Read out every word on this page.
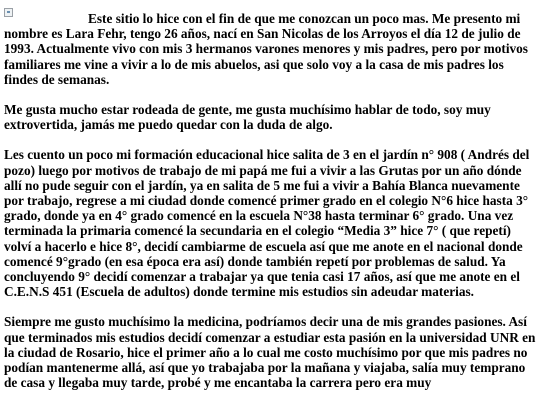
Este sitio lo hice con el fin de que me conozcan un poco mas. Me presento mi nombre es Lara Fehr, tengo 26 años, nací en San Nicolas de los Arroyos el día 12 de julio de 1993. Actualmente vivo con mis 3 hermanos varones menores y mis padres, pero por motivos familiares me vine a vivir a lo de mis abuelos, asi que solo voy a la casa de mis padres los findes de semanas.

Me gusta mucho estar rodeada de gente, me gusta muchísimo hablar de todo, soy muy extrovertida, jamás me puedo quedar con la duda de algo.

Les cuento un poco mi formación educacional hice salita de 3 en el jardín n° 908 ( Andrés del pozo) luego por motivos de trabajo de mi papá me fui a vivir a las Grutas por un año dónde allí no pude seguir con el jardín, ya en salita de 5 me fui a vivir a Bahía Blanca nuevamente por trabajo, regrese a mi ciudad donde comencé primer grado en el colegio N°6 hice hasta 3° grado, donde ya en 4° grado comencé en la escuela N°38 hasta terminar 6° grado. Una vez terminada la primaria comencé la secundaria en el colegio “Media 3” hice 7° ( que repetí) volví a hacerlo e hice 8°, decidí cambiarme de escuela así que me anote en el nacional donde comencé 9°grado (en esa época era así) donde también repetí por problemas de salud. Ya concluyendo 9° decidí comenzar a trabajar ya que tenia casi 17 años, así que me anote en el C.E.N.S 451 (Escuela de adultos) donde termine mis estudios sin adeudar materias.

Siempre me gusto muchísimo la medicina, podríamos decir una de mis grandes pasiones. Así que terminados mis estudios decidí comenzar a estudiar esta pasión en la universidad UNR en la ciudad de Rosario, hice el primer año a lo cual me costo muchísimo por que mis padres no podían mantenerme allá, así que yo trabajaba por la mañana y viajaba, salía muy temprano de casa y llegaba muy tarde, probé y me encantaba la carrera pero era muy
